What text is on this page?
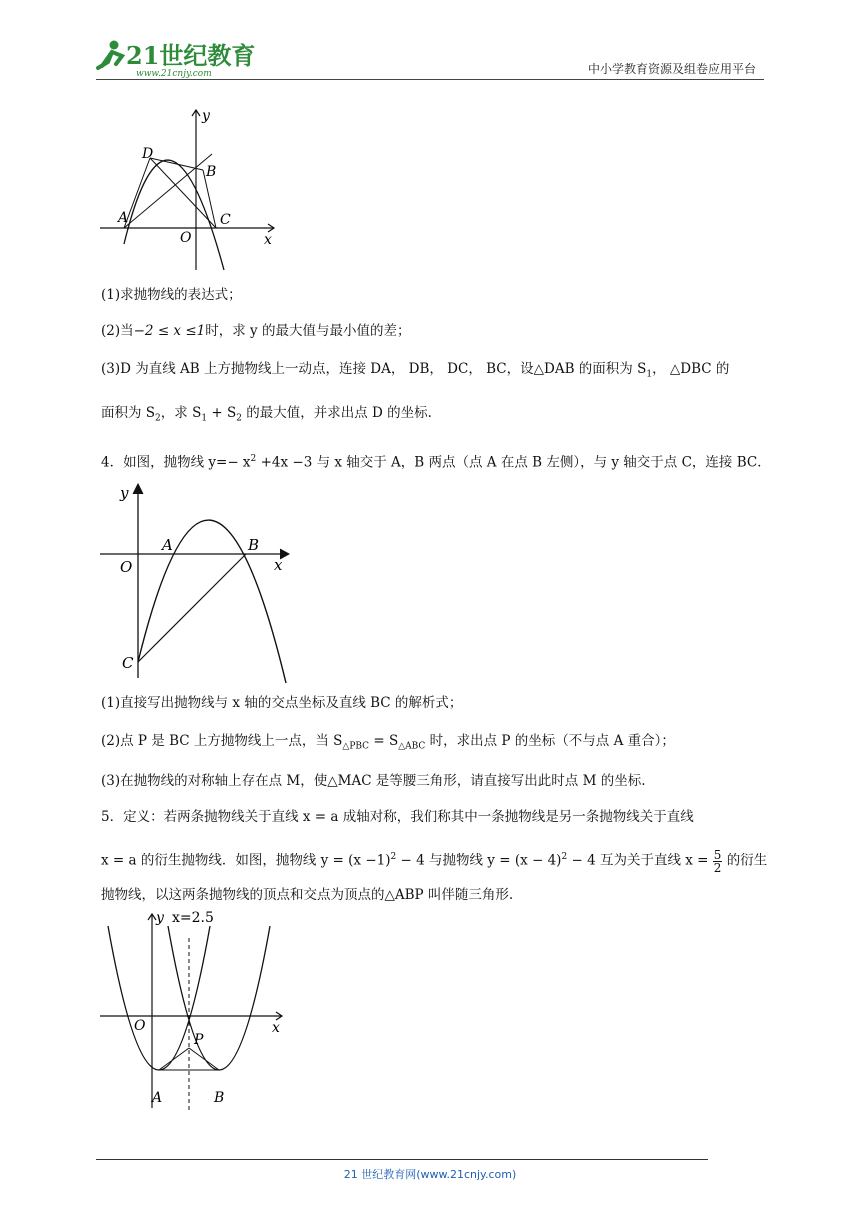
21世纪教育
www.21cnjy.com	中小学教育资源及组卷应用平台
y
x
D
B
A
O
C
(1)求抛物线的表达式；
(2)当−2 ≤ x ≤1时，求 y 的最大值与最小值的差；
(3)D 为直线 AB 上方抛物线上一动点，连接 DA， DB， DC， BC，设△DAB 的面积为 $S_1$， △DBC 的
面积为 $S_2$，求 $S_1 + S_2$ 的最大值，并求出点 D 的坐标.
4．如图，抛物线 $y=- x^2 +4x -3$ 与 x 轴交于 A，B 两点（点 A 在点 B 左侧），与 y 轴交于点 C，连接 BC．
y
x
A	B
O
C
(1)直接写出抛物线与 x 轴的交点坐标及直线 BC 的解析式；
(2)点 P 是 BC 上方抛物线上一点，当 $S_{\triangle PBC} = S_{\triangle ABC}$ 时，求出点 P 的坐标（不与点 A 重合）；
(3)在抛物线的对称轴上存在点 M，使△MAC 是等腰三角形，请直接写出此时点 M 的坐标.
5．定义：若两条抛物线关于直线 x = a 成轴对称，我们称其中一条抛物线是另一条抛物线关于直线
x = a 的衍生抛物线．如图，抛物线 $y = (x -1)^2 - 4$ 与抛物线 $y = (x - 4)^2 - 4$ 互为关于直线 $x = \frac{5}{2}$ 的衍生
抛物线，以这两条抛物线的顶点和交点为顶点的△ABP 叫伴随三角形.
y x=2.5
x
O
P
A	B
21 世纪教育网(www.21cnjy.com)
